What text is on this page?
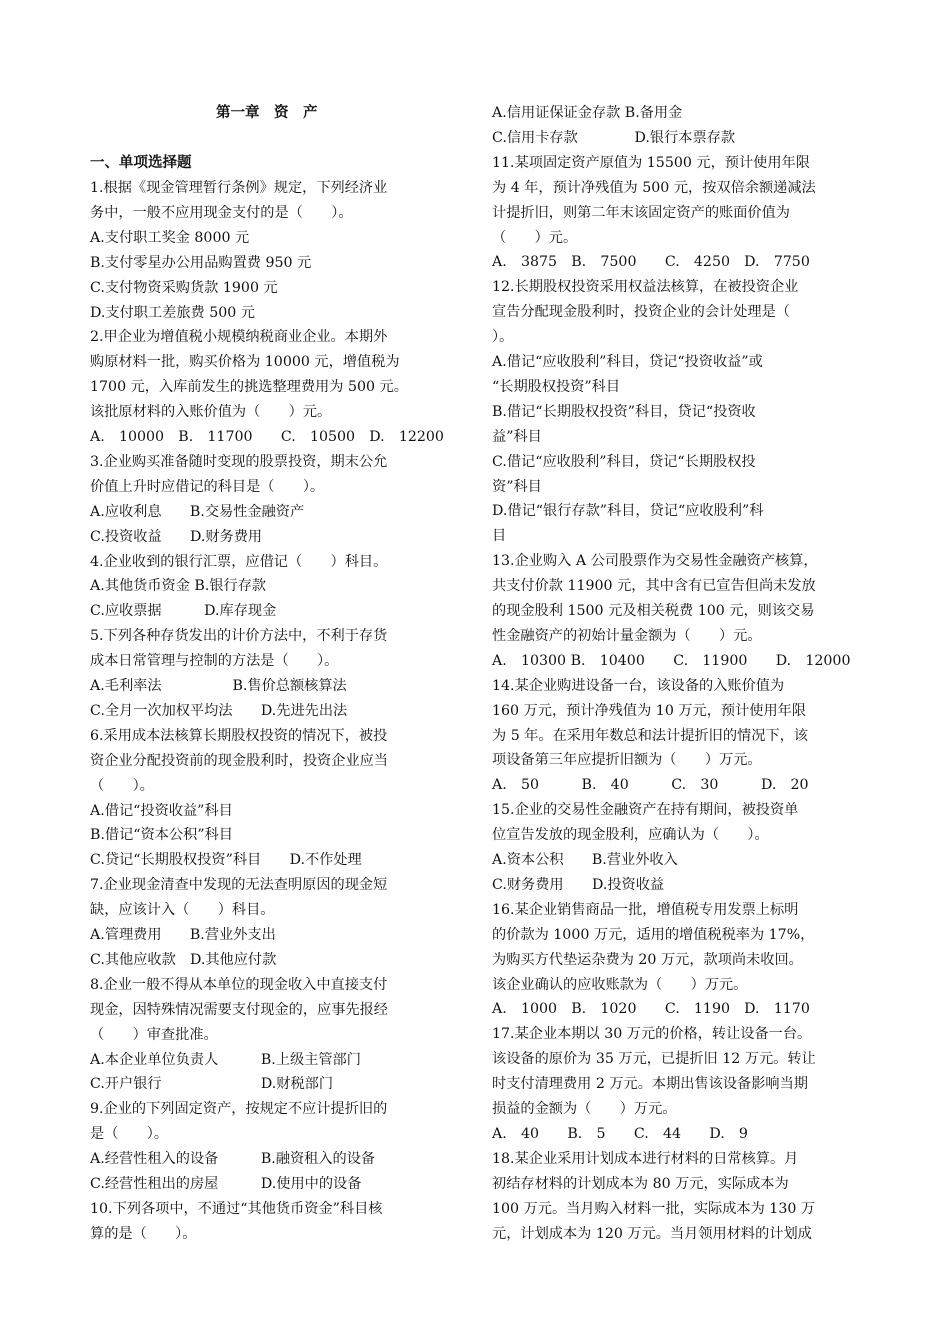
第一章　资　产
一、单项选择题
1.根据《现金管理暂行条例》规定，下列经济业
务中，一般不应用现金支付的是（　　）。
A.支付职工奖金 8000 元
B.支付零星办公用品购置费 950 元
C.支付物资采购货款 1900 元
D.支付职工差旅费 500 元
2.甲企业为增值税小规模纳税商业企业。本期外
购原材料一批，购买价格为 10000 元，增值税为
1700 元，入库前发生的挑选整理费用为 500 元。
该批原材料的入账价值为（　　）元。
A.　10000　B.　11700　　C.　10500　D.　12200
3.企业购买准备随时变现的股票投资，期末公允
价值上升时应借记的科目是（　　）。
A.应收利息　　B.交易性金融资产
C.投资收益　　D.财务费用
4.企业收到的银行汇票，应借记（　　）科目。
A.其他货币资金 B.银行存款
C.应收票据　　　D.库存现金
5.下列各种存货发出的计价方法中，不利于存货
成本日常管理与控制的方法是（　　）。
A.毛利率法　　　　　B.售价总额核算法
C.全月一次加权平均法　　D.先进先出法
6.采用成本法核算长期股权投资的情况下，被投
资企业分配投资前的现金股利时，投资企业应当
（　　）。
A.借记“投资收益”科目
B.借记“资本公积”科目
C.贷记“长期股权投资”科目　　D.不作处理
7.企业现金清查中发现的无法查明原因的现金短
缺，应该计入（　　）科目。
A.管理费用　　B.营业外支出
C.其他应收款　D.其他应付款
8.企业一般不得从本单位的现金收入中直接支付
现金，因特殊情况需要支付现金的，应事先报经
（　　）审查批准。
A.本企业单位负责人　　　B.上级主管部门
C.开户银行　　　　　　　D.财税部门
9.企业的下列固定资产，按规定不应计提折旧的
是（　　）。
A.经营性租入的设备　　　B.融资租入的设备
C.经营性租出的房屋　　　D.使用中的设备
10.下列各项中，不通过“其他货币资金”科目核
算的是（　　）。
A.信用证保证金存款 B.备用金
C.信用卡存款　　　　D.银行本票存款
11.某项固定资产原值为 15500 元，预计使用年限
为 4 年，预计净残值为 500 元，按双倍余额递减法
计提折旧，则第二年末该固定资产的账面价值为
（　　）元。
A.　3875　B.　7500　　C.　4250　D.　7750
12.长期股权投资采用权益法核算，在被投资企业
宣告分配现金股利时，投资企业的会计处理是（
）。
A.借记“应收股利”科目，贷记“投资收益”或
“长期股权投资”科目
B.借记“长期股权投资”科目，贷记“投资收
益”科目
C.借记“应收股利”科目，贷记“长期股权投
资”科目
D.借记“银行存款”科目，贷记“应收股利”科
目
13.企业购入 A 公司股票作为交易性金融资产核算，
共支付价款 11900 元，其中含有已宣告但尚未发放
的现金股利 1500 元及相关税费 100 元，则该交易
性金融资产的初始计量金额为（　　）元。
A.　10300 B.　10400　　C.　11900　　D.　12000
14.某企业购进设备一台，该设备的入账价值为
160 万元，预计净残值为 10 万元，预计使用年限
为 5 年。在采用年数总和法计提折旧的情况下，该
项设备第三年应提折旧额为（　　）万元。
A.　50　　　B.　40　　　C.　30　　　D.　20
15.企业的交易性金融资产在持有期间，被投资单
位宣告发放的现金股利，应确认为（　　）。
A.资本公积　　B.营业外收入
C.财务费用　　D.投资收益
16.某企业销售商品一批，增值税专用发票上标明
的价款为 1000 万元，适用的增值税税率为 17%，
为购买方代垫运杂费为 20 万元，款项尚未收回。
该企业确认的应收账款为（　　）万元。
A.　1000　B.　1020　　C.　1190　D.　1170
17.某企业本期以 30 万元的价格，转让设备一台。
该设备的原价为 35 万元，已提折旧 12 万元。转让
时支付清理费用 2 万元。本期出售该设备影响当期
损益的金额为（　　）万元。
A.　40　　B.　5　　C.　44　　D.　9
18.某企业采用计划成本进行材料的日常核算。月
初结存材料的计划成本为 80 万元，实际成本为
100 万元。当月购入材料一批，实际成本为 130 万
元，计划成本为 120 万元。当月领用材料的计划成
